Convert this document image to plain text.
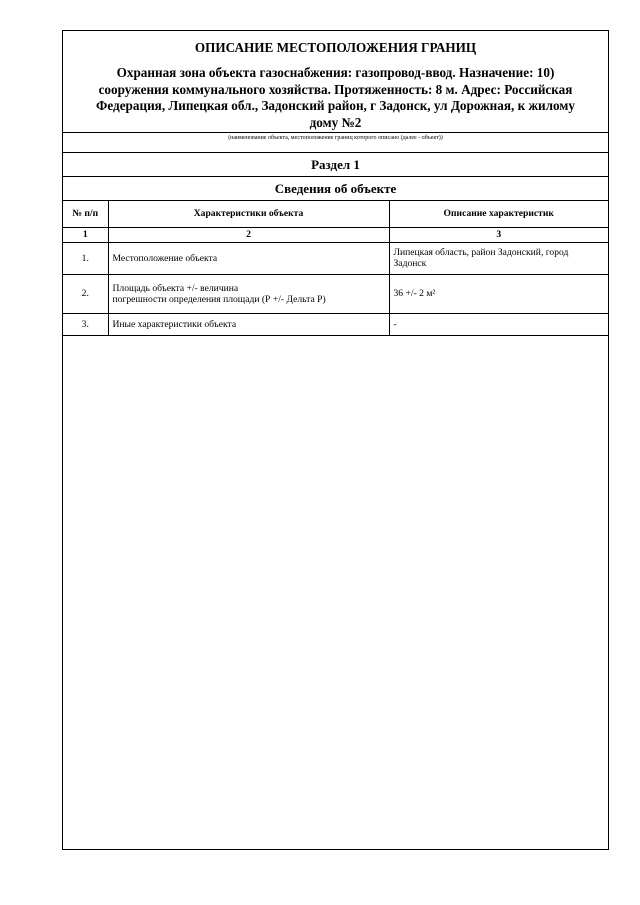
ОПИСАНИЕ МЕСТОПОЛОЖЕНИЯ ГРАНИЦ
Охранная зона объекта газоснабжения: газопровод-ввод. Назначение: 10)
сооружения коммунального хозяйства. Протяженность: 8 м. Адрес: Российская
Федерация, Липецкая обл., Задонский район, г Задонск, ул Дорожная, к жилому
дому №2
(наименование объекта, местоположение границ которого описано (далее - объект))
Раздел 1
Сведения об объекте
№ п/п	Характеристики объекта	Описание характеристик
1	2	3
1.	Местоположение объекта	Липецкая область, район Задонский, город
Задонск
2.	Площадь объекта +/- величина
погрешности определения площади (Р +/- Дельта Р)	36 +/- 2 м²
3.	Иные характеристики объекта	-
